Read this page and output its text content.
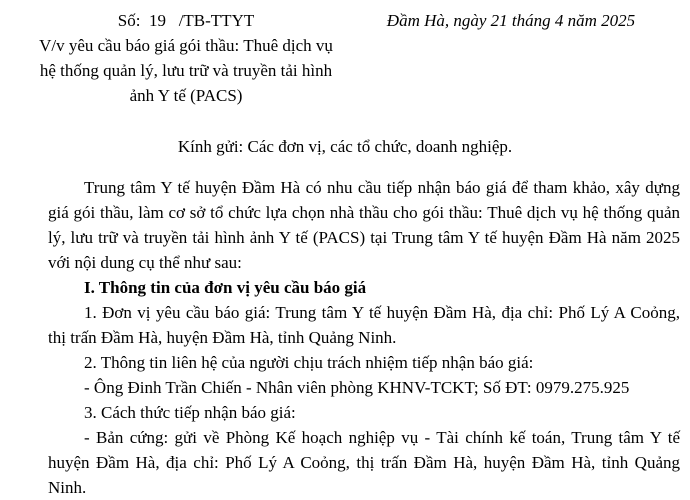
Số:  19   /TB-TTYT
V/v yêu cầu báo giá gói thầu: Thuê dịch vụ hệ thống quản lý, lưu trữ và truyền tải hình ảnh Y tế (PACS)
Đầm Hà, ngày 21 tháng 4 năm 2025
Kính gửi: Các đơn vị, các tổ chức, doanh nghiệp.

Trung tâm Y tế huyện Đầm Hà có nhu cầu tiếp nhận báo giá để tham khảo, xây dựng giá gói thầu, làm cơ sở tổ chức lựa chọn nhà thầu cho gói thầu: Thuê dịch vụ hệ thống quản lý, lưu trữ và truyền tải hình ảnh Y tế (PACS) tại Trung tâm Y tế huyện Đầm Hà năm 2025 với nội dung cụ thể như sau:

I. Thông tin của đơn vị yêu cầu báo giá

1. Đơn vị yêu cầu báo giá: Trung tâm Y tế huyện Đầm Hà, địa chỉ: Phố Lý A Coỏng, thị trấn Đầm Hà, huyện Đầm Hà, tỉnh Quảng Ninh.

2. Thông tin liên hệ của người chịu trách nhiệm tiếp nhận báo giá:

- Ông Đinh Trần Chiến - Nhân viên phòng KHNV-TCKT; Số ĐT: 0979.275.925

3. Cách thức tiếp nhận báo giá:

- Bản cứng: gửi về Phòng Kế hoạch nghiệp vụ - Tài chính kế toán, Trung tâm Y tế huyện Đầm Hà, địa chỉ: Phố Lý A Coỏng, thị trấn Đầm Hà, huyện Đầm Hà, tỉnh Quảng Ninh.
